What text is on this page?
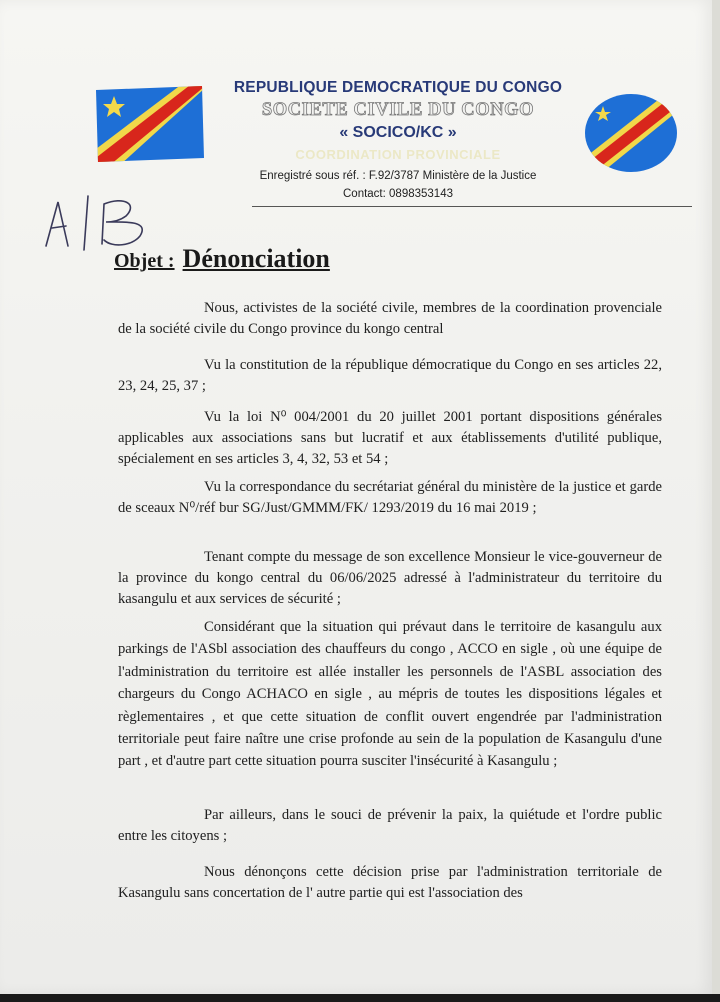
REPUBLIQUE DEMOCRATIQUE DU CONGO
SOCIETE CIVILE DU CONGO
« SOCICO/KC »
COORDINATION PROVINCIALE
Enregistré sous réf. : F.92/3787 Ministère de la Justice
Contact: 0898353143
Objet : Dénonciation

Nous, activistes de la société civile, membres de la coordination provenciale de la société civile du Congo province du kongo central

Vu la constitution de la république démocratique du Congo en ses articles 22, 23, 24, 25, 37 ;

Vu la loi N⁰ 004/2001 du 20 juillet 2001 portant dispositions générales applicables aux associations sans but lucratif et aux établissements d'utilité publique, spécialement en ses articles 3, 4, 32, 53 et 54 ;

Vu la correspondance du secrétariat général du ministère de la justice et garde de sceaux N⁰/réf bur SG/Just/GMMM/FK/ 1293/2019 du 16 mai 2019 ;

Tenant compte du message de son excellence Monsieur le vice-gouverneur de la province du kongo central du 06/06/2025 adressé à l'administrateur du territoire du kasangulu et aux services de sécurité ;

Considérant que la situation qui prévaut dans le territoire de kasangulu aux parkings de l'ASbl association des chauffeurs du congo , ACCO en sigle , où une équipe de l'administration du territoire est allée installer les personnels de l'ASBL association des chargeurs du Congo ACHACO en sigle , au mépris de toutes les dispositions légales et règlementaires , et que cette situation de conflit ouvert engendrée par l'administration territoriale peut faire naître une crise profonde au sein de la population de Kasangulu d'une part , et d'autre part cette situation pourra susciter l'insécurité à Kasangulu ;

Par ailleurs, dans le souci de prévenir la paix, la quiétude et l'ordre public entre les citoyens ;

Nous dénonçons cette décision prise par l'administration territoriale de Kasangulu sans concertation de l' autre partie qui est l'association des
